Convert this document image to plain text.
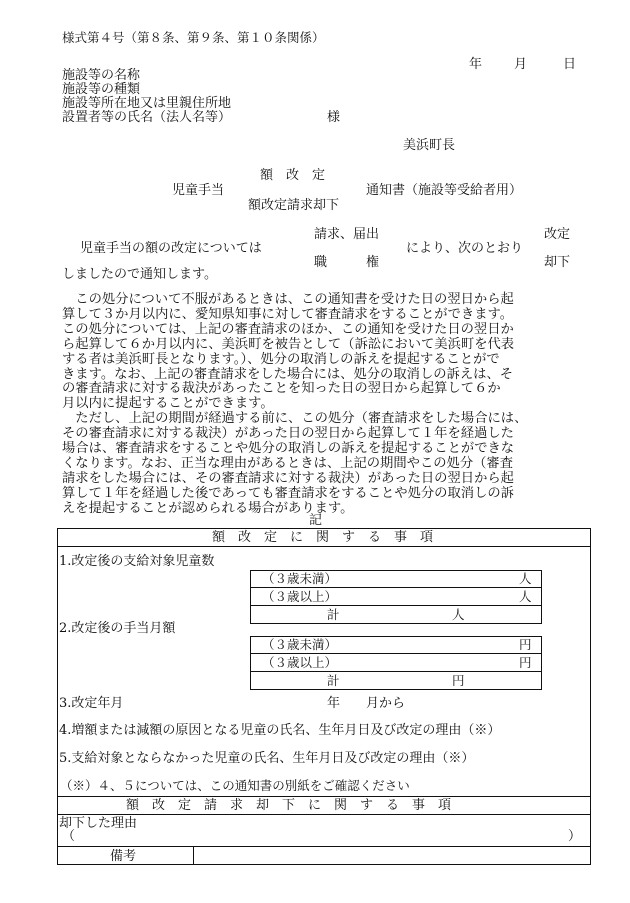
様式第４号（第８条、第９条、第１０条関係）
年 月	日
施設等の名称
施設等の種類
施設等所在地又は里親住所地
設置者等の氏名（法人名等）	様
美浜町長
額　改　定
児童手当	通知書（施設等受給者用）
額改定請求却下
請求、届出	改定
児童手当の額の改定については	により、次のとおり
職　　　権	却下
しましたので通知します。
　この処分について不服があるときは、この通知書を受けた日の翌日から起
算して３か月以内に、愛知県知事に対して審査請求をすることができます。
この処分については、上記の審査請求のほか、この通知を受けた日の翌日か
ら起算して６か月以内に、美浜町を被告として（訴訟において美浜町を代表
する者は美浜町長となります。）、処分の取消しの訴えを提起することがで
きます。なお、上記の審査請求をした場合には、処分の取消しの訴えは、そ
の審査請求に対する裁決があったことを知った日の翌日から起算して６か
月以内に提起することができます。
　ただし、上記の期間が経過する前に、この処分（審査請求をした場合には、
その審査請求に対する裁決）があった日の翌日から起算して１年を経過した
場合は、審査請求をすることや処分の取消しの訴えを提起することができな
くなります。なお、正当な理由があるときは、上記の期間やこの処分（審査
請求をした場合には、その審査請求に対する裁決）があった日の翌日から起
算して１年を経過した後であっても審査請求をすることや処分の取消しの訴
えを提起することが認められる場合があります。
記
額　改　定　に　関　す　る　事　項
1.改定後の支給対象児童数
（３歳未満）	人
（３歳以上）	人
計	人
2.改定後の手当月額
（３歳未満）	円
（３歳以上）	円
計	円
3.改定年月	年　　月から
4.増額または減額の原因となる児童の氏名、生年月日及び改定の理由（※）
5.支給対象とならなかった児童の氏名、生年月日及び改定の理由（※）
（※）４、５については、この通知書の別紙をご確認ください
額　改　定　請　求　却　下　に　関　す　る　事　項
却下した理由
（	）
備考
